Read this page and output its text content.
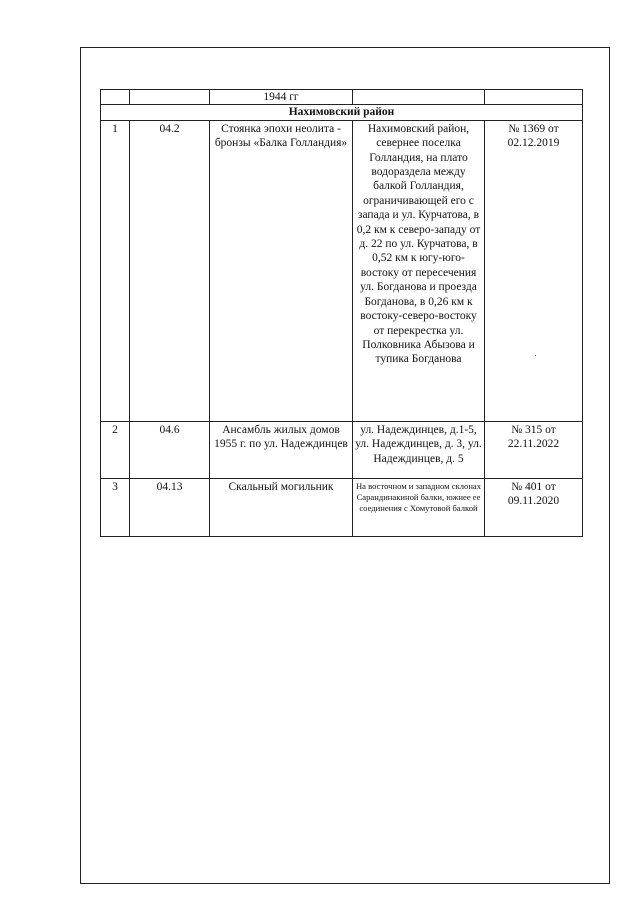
		1944 гг		
Нахимовский район				
1	04.2	Стоянка эпохи неолита - бронзы «Балка Голландия»	Нахимовский район, севернее поселка Голландия, на плато водораздела между балкой Голландия, ограничивающей его с запада и ул. Курчатова, в 0,2 км к северо-западу от д. 22 по ул. Курчатова, в 0,52 км к югу-юго-востоку от пересечения ул. Богданова и проезда Богданова, в 0,26 км к востоку-северо-востоку от перекрестка ул. Полковника Абызова и тупика Богданова	№ 1369 от 02.12.2019
2	04.6	Ансамбль жилых домов 1955 г. по ул. Надеждинцев	ул. Надеждинцев, д.1-5, ул. Надеждинцев, д. 3, ул. Надеждинцев, д. 5	№ 315 от 22.11.2022
3	04.13	Скальный могильник	На восточном и западном склонах Сарандинакиной балки, южнее ее соединения с Хомутовой балкой	№ 401 от 09.11.2020
